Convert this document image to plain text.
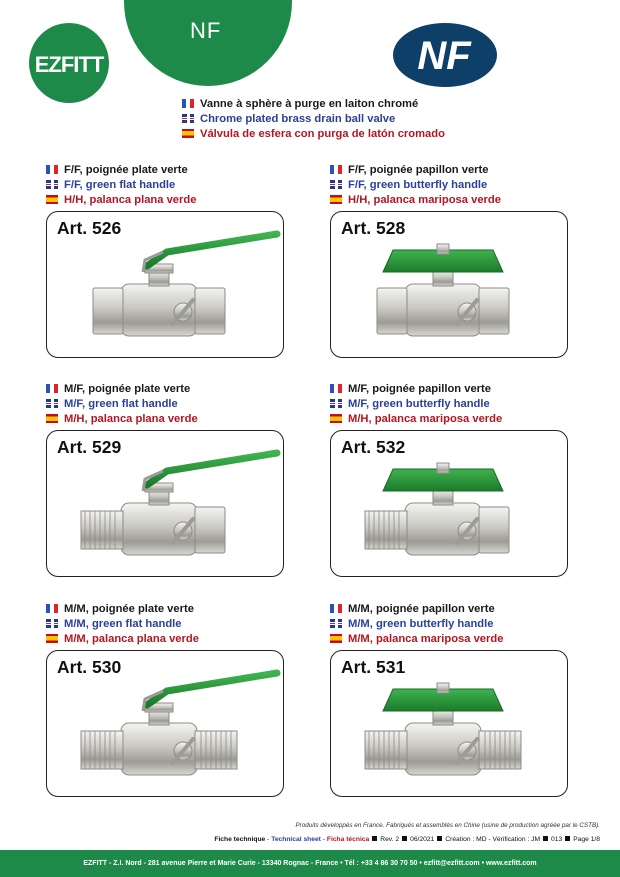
EZFITT
NF
NF
Vanne à sphère à purge en laiton chromé
Chrome plated brass drain ball valve
Válvula de esfera con purga de latón cromado
F/F, poignée plate verte
F/F, green flat handle
H/H, palanca plana verde
Art. 526
F/F, poignée papillon verte
F/F, green butterfly handle
H/H, palanca mariposa verde
Art. 528
M/F, poignée plate verte
M/F, green flat handle
M/H, palanca plana verde
Art. 529
M/F, poignée papillon verte
M/F, green butterfly handle
M/H, palanca mariposa verde
Art. 532
M/M, poignée plate verte
M/M, green flat handle
M/M, palanca plana verde
Art. 530
M/M, poignée papillon verte
M/M, green butterfly handle
M/M, palanca mariposa verde
Art. 531
Produits développés en France. Fabriqués et assemblés en Chine (usine de production agréée par le CSTB).
Fiche technique - Technical sheet - Ficha técnica Rev. 2 06/2021 Création : MD - Vérification : JM 013 Page 1/8
EZFITT - Z.I. Nord - 281 avenue Pierre et Marie Curie - 13340 Rognac - France • Tél : +33 4 86 30 70 50 • ezfitt@ezfitt.com • www.ezfitt.com
